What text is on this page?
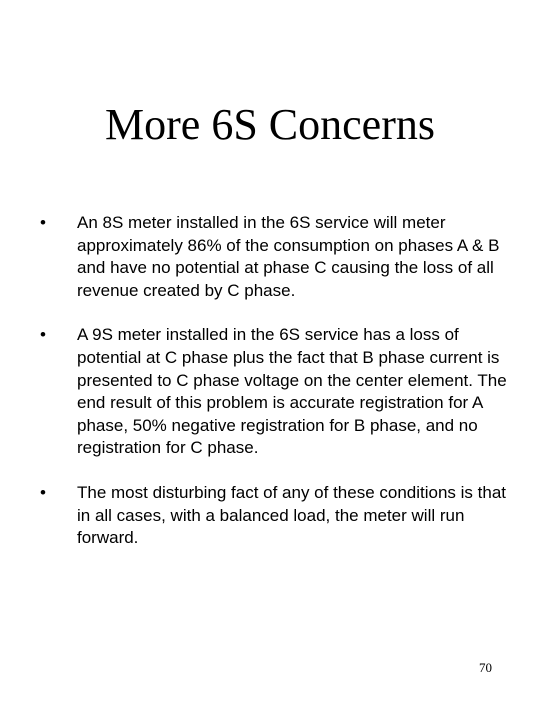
More 6S Concerns
•	An 8S meter installed in the 6S service will meter approximately 86% of the consumption on phases A & B and have no potential at phase C causing the loss of all revenue created by C phase.
•	A 9S meter installed in the 6S service has a loss of potential at C phase plus the fact that B phase current is presented to C phase voltage on the center element. The end result of this problem is accurate registration for A phase, 50% negative registration for B phase, and no registration for C phase.
•	The most disturbing fact of any of these conditions is that in all cases, with a balanced load, the meter will run forward.
70
